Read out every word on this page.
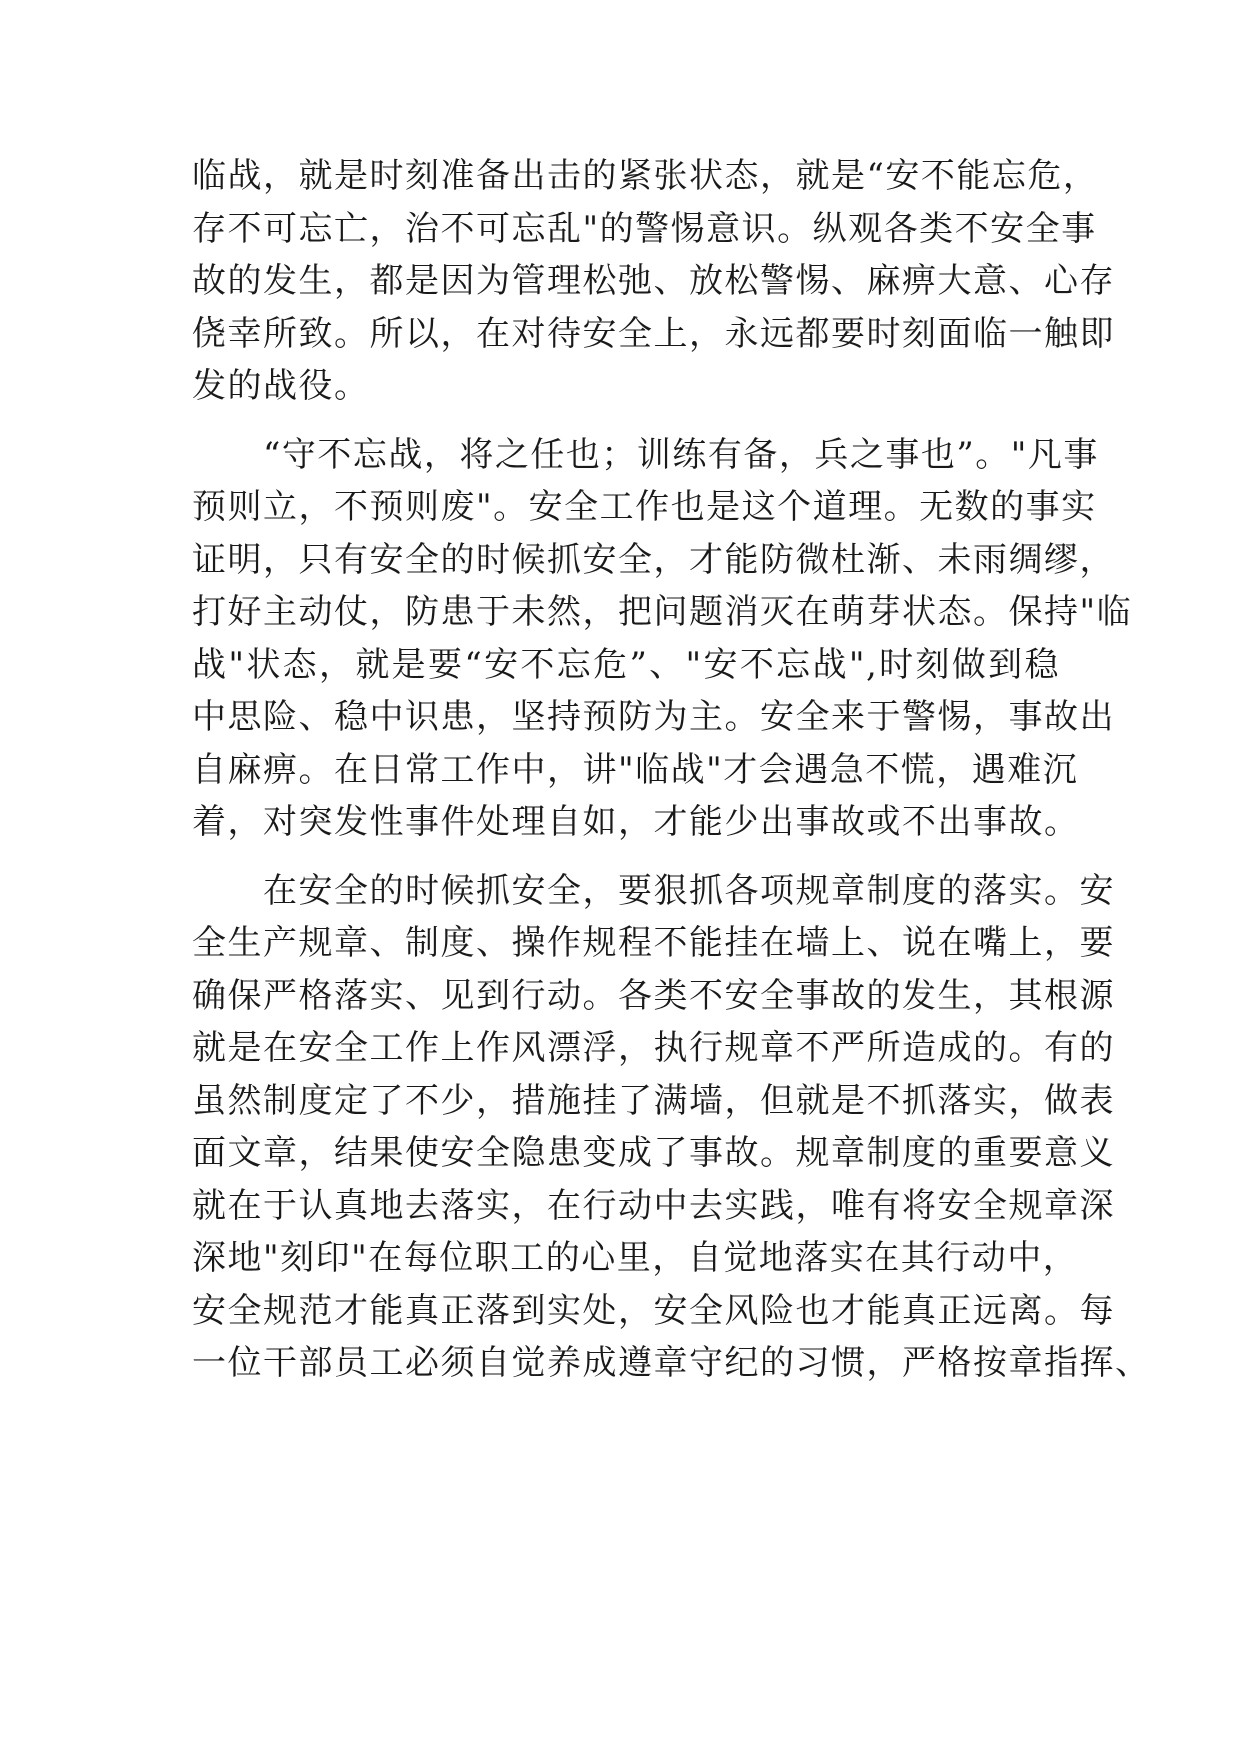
临战，就是时刻准备出击的紧张状态，就是“安不能忘危，
存不可忘亡，治不可忘乱"的警惕意识。纵观各类不安全事
故的发生，都是因为管理松弛、放松警惕、麻痹大意、心存
侥幸所致。所以，在对待安全上，永远都要时刻面临一触即
发的战役。
　　“守不忘战，将之任也；训练有备，兵之事也”。"凡事
预则立，不预则废"。安全工作也是这个道理。无数的事实
证明，只有安全的时候抓安全，才能防微杜渐、未雨绸缪，
打好主动仗，防患于未然，把问题消灭在萌芽状态。保持"临
战"状态，就是要“安不忘危”、"安不忘战",时刻做到稳
中思险、稳中识患，坚持预防为主。安全来于警惕，事故出
自麻痹。在日常工作中，讲"临战"才会遇急不慌，遇难沉
着，对突发性事件处理自如，才能少出事故或不出事故。
　　在安全的时候抓安全，要狠抓各项规章制度的落实。安
全生产规章、制度、操作规程不能挂在墙上、说在嘴上，要
确保严格落实、见到行动。各类不安全事故的发生，其根源
就是在安全工作上作风漂浮，执行规章不严所造成的。有的
虽然制度定了不少，措施挂了满墙，但就是不抓落实，做表
面文章，结果使安全隐患变成了事故。规章制度的重要意义
就在于认真地去落实，在行动中去实践，唯有将安全规章深
深地"刻印"在每位职工的心里，自觉地落实在其行动中，
安全规范才能真正落到实处，安全风险也才能真正远离。每
一位干部员工必须自觉养成遵章守纪的习惯，严格按章指挥、
